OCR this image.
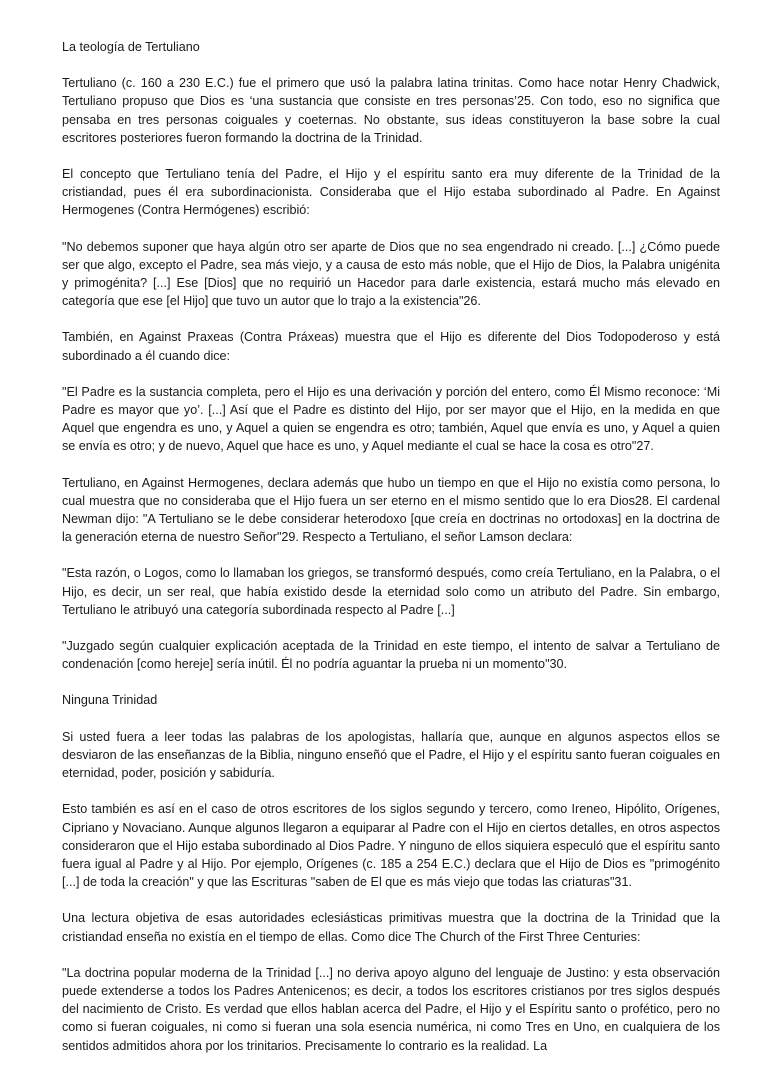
La teología de Tertuliano

Tertuliano (c. 160 a 230 E.C.) fue el primero que usó la palabra latina trinitas. Como hace notar Henry Chadwick, Tertuliano propuso que Dios es ‘una sustancia que consiste en tres personas’25. Con todo, eso no significa que pensaba en tres personas coiguales y coeternas. No obstante, sus ideas constituyeron la base sobre la cual escritores posteriores fueron formando la doctrina de la Trinidad.

El concepto que Tertuliano tenía del Padre, el Hijo y el espíritu santo era muy diferente de la Trinidad de la cristiandad, pues él era subordinacionista. Consideraba que el Hijo estaba subordinado al Padre. En Against Hermogenes (Contra Hermógenes) escribió:

"No debemos suponer que haya algún otro ser aparte de Dios que no sea engendrado ni creado. [...] ¿Cómo puede ser que algo, excepto el Padre, sea más viejo, y a causa de esto más noble, que el Hijo de Dios, la Palabra unigénita y primogénita? [...] Ese [Dios] que no requirió un Hacedor para darle existencia, estará mucho más elevado en categoría que ese [el Hijo] que tuvo un autor que lo trajo a la existencia"26.

También, en Against Praxeas (Contra Práxeas) muestra que el Hijo es diferente del Dios Todopoderoso y está subordinado a él cuando dice:

"El Padre es la sustancia completa, pero el Hijo es una derivación y porción del entero, como Él Mismo reconoce: ‘Mi Padre es mayor que yo’. [...] Así que el Padre es distinto del Hijo, por ser mayor que el Hijo, en la medida en que Aquel que engendra es uno, y Aquel a quien se engendra es otro; también, Aquel que envía es uno, y Aquel a quien se envía es otro; y de nuevo, Aquel que hace es uno, y Aquel mediante el cual se hace la cosa es otro"27.

Tertuliano, en Against Hermogenes, declara además que hubo un tiempo en que el Hijo no existía como persona, lo cual muestra que no consideraba que el Hijo fuera un ser eterno en el mismo sentido que lo era Dios28. El cardenal Newman dijo: "A Tertuliano se le debe considerar heterodoxo [que creía en doctrinas no ortodoxas] en la doctrina de la generación eterna de nuestro Señor"29. Respecto a Tertuliano, el señor Lamson declara:

"Esta razón, o Logos, como lo llamaban los griegos, se transformó después, como creía Tertuliano, en la Palabra, o el Hijo, es decir, un ser real, que había existido desde la eternidad solo como un atributo del Padre. Sin embargo, Tertuliano le atribuyó una categoría subordinada respecto al Padre [...]

"Juzgado según cualquier explicación aceptada de la Trinidad en este tiempo, el intento de salvar a Tertuliano de condenación [como hereje] sería inútil. Él no podría aguantar la prueba ni un momento"30.

Ninguna Trinidad

Si usted fuera a leer todas las palabras de los apologistas, hallaría que, aunque en algunos aspectos ellos se desviaron de las enseñanzas de la Biblia, ninguno enseñó que el Padre, el Hijo y el espíritu santo fueran coiguales en eternidad, poder, posición y sabiduría.

Esto también es así en el caso de otros escritores de los siglos segundo y tercero, como Ireneo, Hipólito, Orígenes, Cipriano y Novaciano. Aunque algunos llegaron a equiparar al Padre con el Hijo en ciertos detalles, en otros aspectos consideraron que el Hijo estaba subordinado al Dios Padre. Y ninguno de ellos siquiera especuló que el espíritu santo fuera igual al Padre y al Hijo. Por ejemplo, Orígenes (c. 185 a 254 E.C.) declara que el Hijo de Dios es "primogénito [...] de toda la creación" y que las Escrituras "saben de El que es más viejo que todas las criaturas"31.

Una lectura objetiva de esas autoridades eclesiásticas primitivas muestra que la doctrina de la Trinidad que la cristiandad enseña no existía en el tiempo de ellas. Como dice The Church of the First Three Centuries:

"La doctrina popular moderna de la Trinidad [...] no deriva apoyo alguno del lenguaje de Justino: y esta observación puede extenderse a todos los Padres Antenicenos; es decir, a todos los escritores cristianos por tres siglos después del nacimiento de Cristo. Es verdad que ellos hablan acerca del Padre, el Hijo y el Espíritu santo o profético, pero no como si fueran coiguales, ni como si fueran una sola esencia numérica, ni como Tres en Uno, en cualquiera de los sentidos admitidos ahora por los trinitarios. Precisamente lo contrario es la realidad. La
